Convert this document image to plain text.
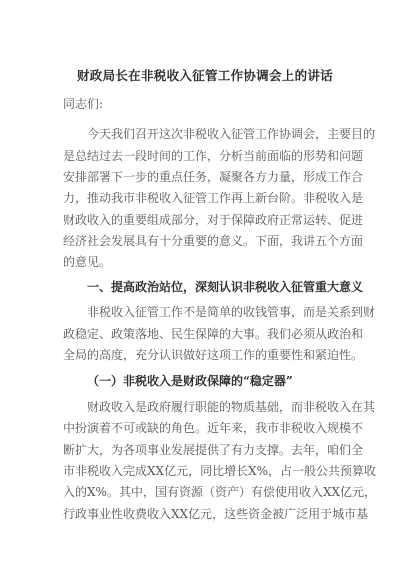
财政局长在非税收入征管工作协调会上的讲话
同志们:
今天我们召开这次非税收入征管工作协调会，主要目的
是总结过去一段时间的工作，分析当前面临的形势和问题
安排部署下一步的重点任务，凝聚各方力量，形成工作合
力，推动我市非税收入征管工作再上新台阶。非税收入是
财政收入的重要组成部分，对于保障政府正常运转、促进
经济社会发展具有十分重要的意义。下面，我讲五个方面
的意见。
一、提高政治站位，深刻认识非税收入征管重大意义
非税收入征管工作不是简单的收钱管事，而是关系到财
政稳定、政策落地、民生保障的大事。我们必须从政治和
全局的高度，充分认识做好这项工作的重要性和紧迫性。
（一）非税收入是财政保障的“稳定器”
财政收入是政府履行职能的物质基础，而非税收入在其
中扮演着不可或缺的角色。近年来，我市非税收入规模不
断扩大，为各项事业发展提供了有力支撑。去年，咱们全
市非税收入完成XX亿元，同比增长X%，占一般公共预算收
入的X%。其中，国有资源（资产）有偿使用收入XX亿元，
行政事业性收费收入XX亿元，这些资金被广泛用于城市基
